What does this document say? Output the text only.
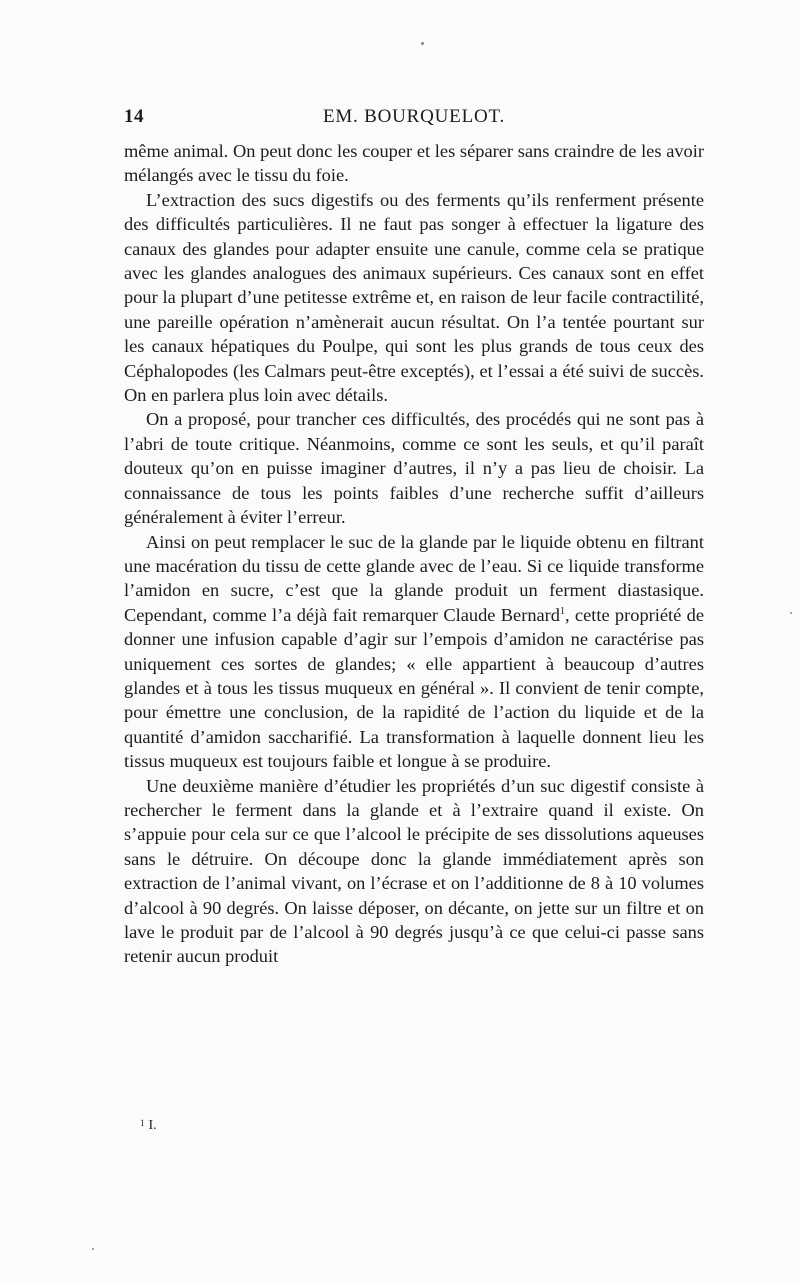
14	EM. BOURQUELOT.

même animal. On peut donc les couper et les séparer sans craindre de les avoir mélangés avec le tissu du foie.

L’extraction des sucs digestifs ou des ferments qu’ils renferment présente des difficultés particulières. Il ne faut pas songer à effectuer la ligature des canaux des glandes pour adapter ensuite une canule, comme cela se pratique avec les glandes analogues des animaux supérieurs. Ces canaux sont en effet pour la plupart d’une petitesse extrême et, en raison de leur facile contractilité, une pareille opération n’amènerait aucun résultat. On l’a tentée pourtant sur les canaux hépatiques du Poulpe, qui sont les plus grands de tous ceux des Céphalopodes (les Calmars peut-être exceptés), et l’essai a été suivi de succès. On en parlera plus loin avec détails.

On a proposé, pour trancher ces difficultés, des procédés qui ne sont pas à l’abri de toute critique. Néanmoins, comme ce sont les seuls, et qu’il paraît douteux qu’on en puisse imaginer d’autres, il n’y a pas lieu de choisir. La connaissance de tous les points faibles d’une recherche suffit d’ailleurs généralement à éviter l’erreur.

Ainsi on peut remplacer le suc de la glande par le liquide obtenu en filtrant une macération du tissu de cette glande avec de l’eau. Si ce liquide transforme l’amidon en sucre, c’est que la glande produit un ferment diastasique. Cependant, comme l’a déjà fait remarquer Claude Bernard$^1$, cette propriété de donner une infusion capable d’agir sur l’empois d’amidon ne caractérise pas uniquement ces sortes de glandes; « elle appartient à beaucoup d’autres glandes et à tous les tissus muqueux en général ». Il convient de tenir compte, pour émettre une conclusion, de la rapidité de l’action du liquide et de la quantité d’amidon saccharifié. La transformation à laquelle donnent lieu les tissus muqueux est toujours faible et longue à se produire.

Une deuxième manière d’étudier les propriétés d’un suc digestif consiste à rechercher le ferment dans la glande et à l’extraire quand il existe. On s’appuie pour cela sur ce que l’alcool le précipite de ses dissolutions aqueuses sans le détruire. On découpe donc la glande immédiatement après son extraction de l’animal vivant, on l’écrase et on l’additionne de 8 à 10 volumes d’alcool à 90 degrés. On laisse déposer, on décante, on jette sur un filtre et on lave le produit par de l’alcool à 90 degrés jusqu’à ce que celui-ci passe sans retenir aucun produit

$^1$ I.
